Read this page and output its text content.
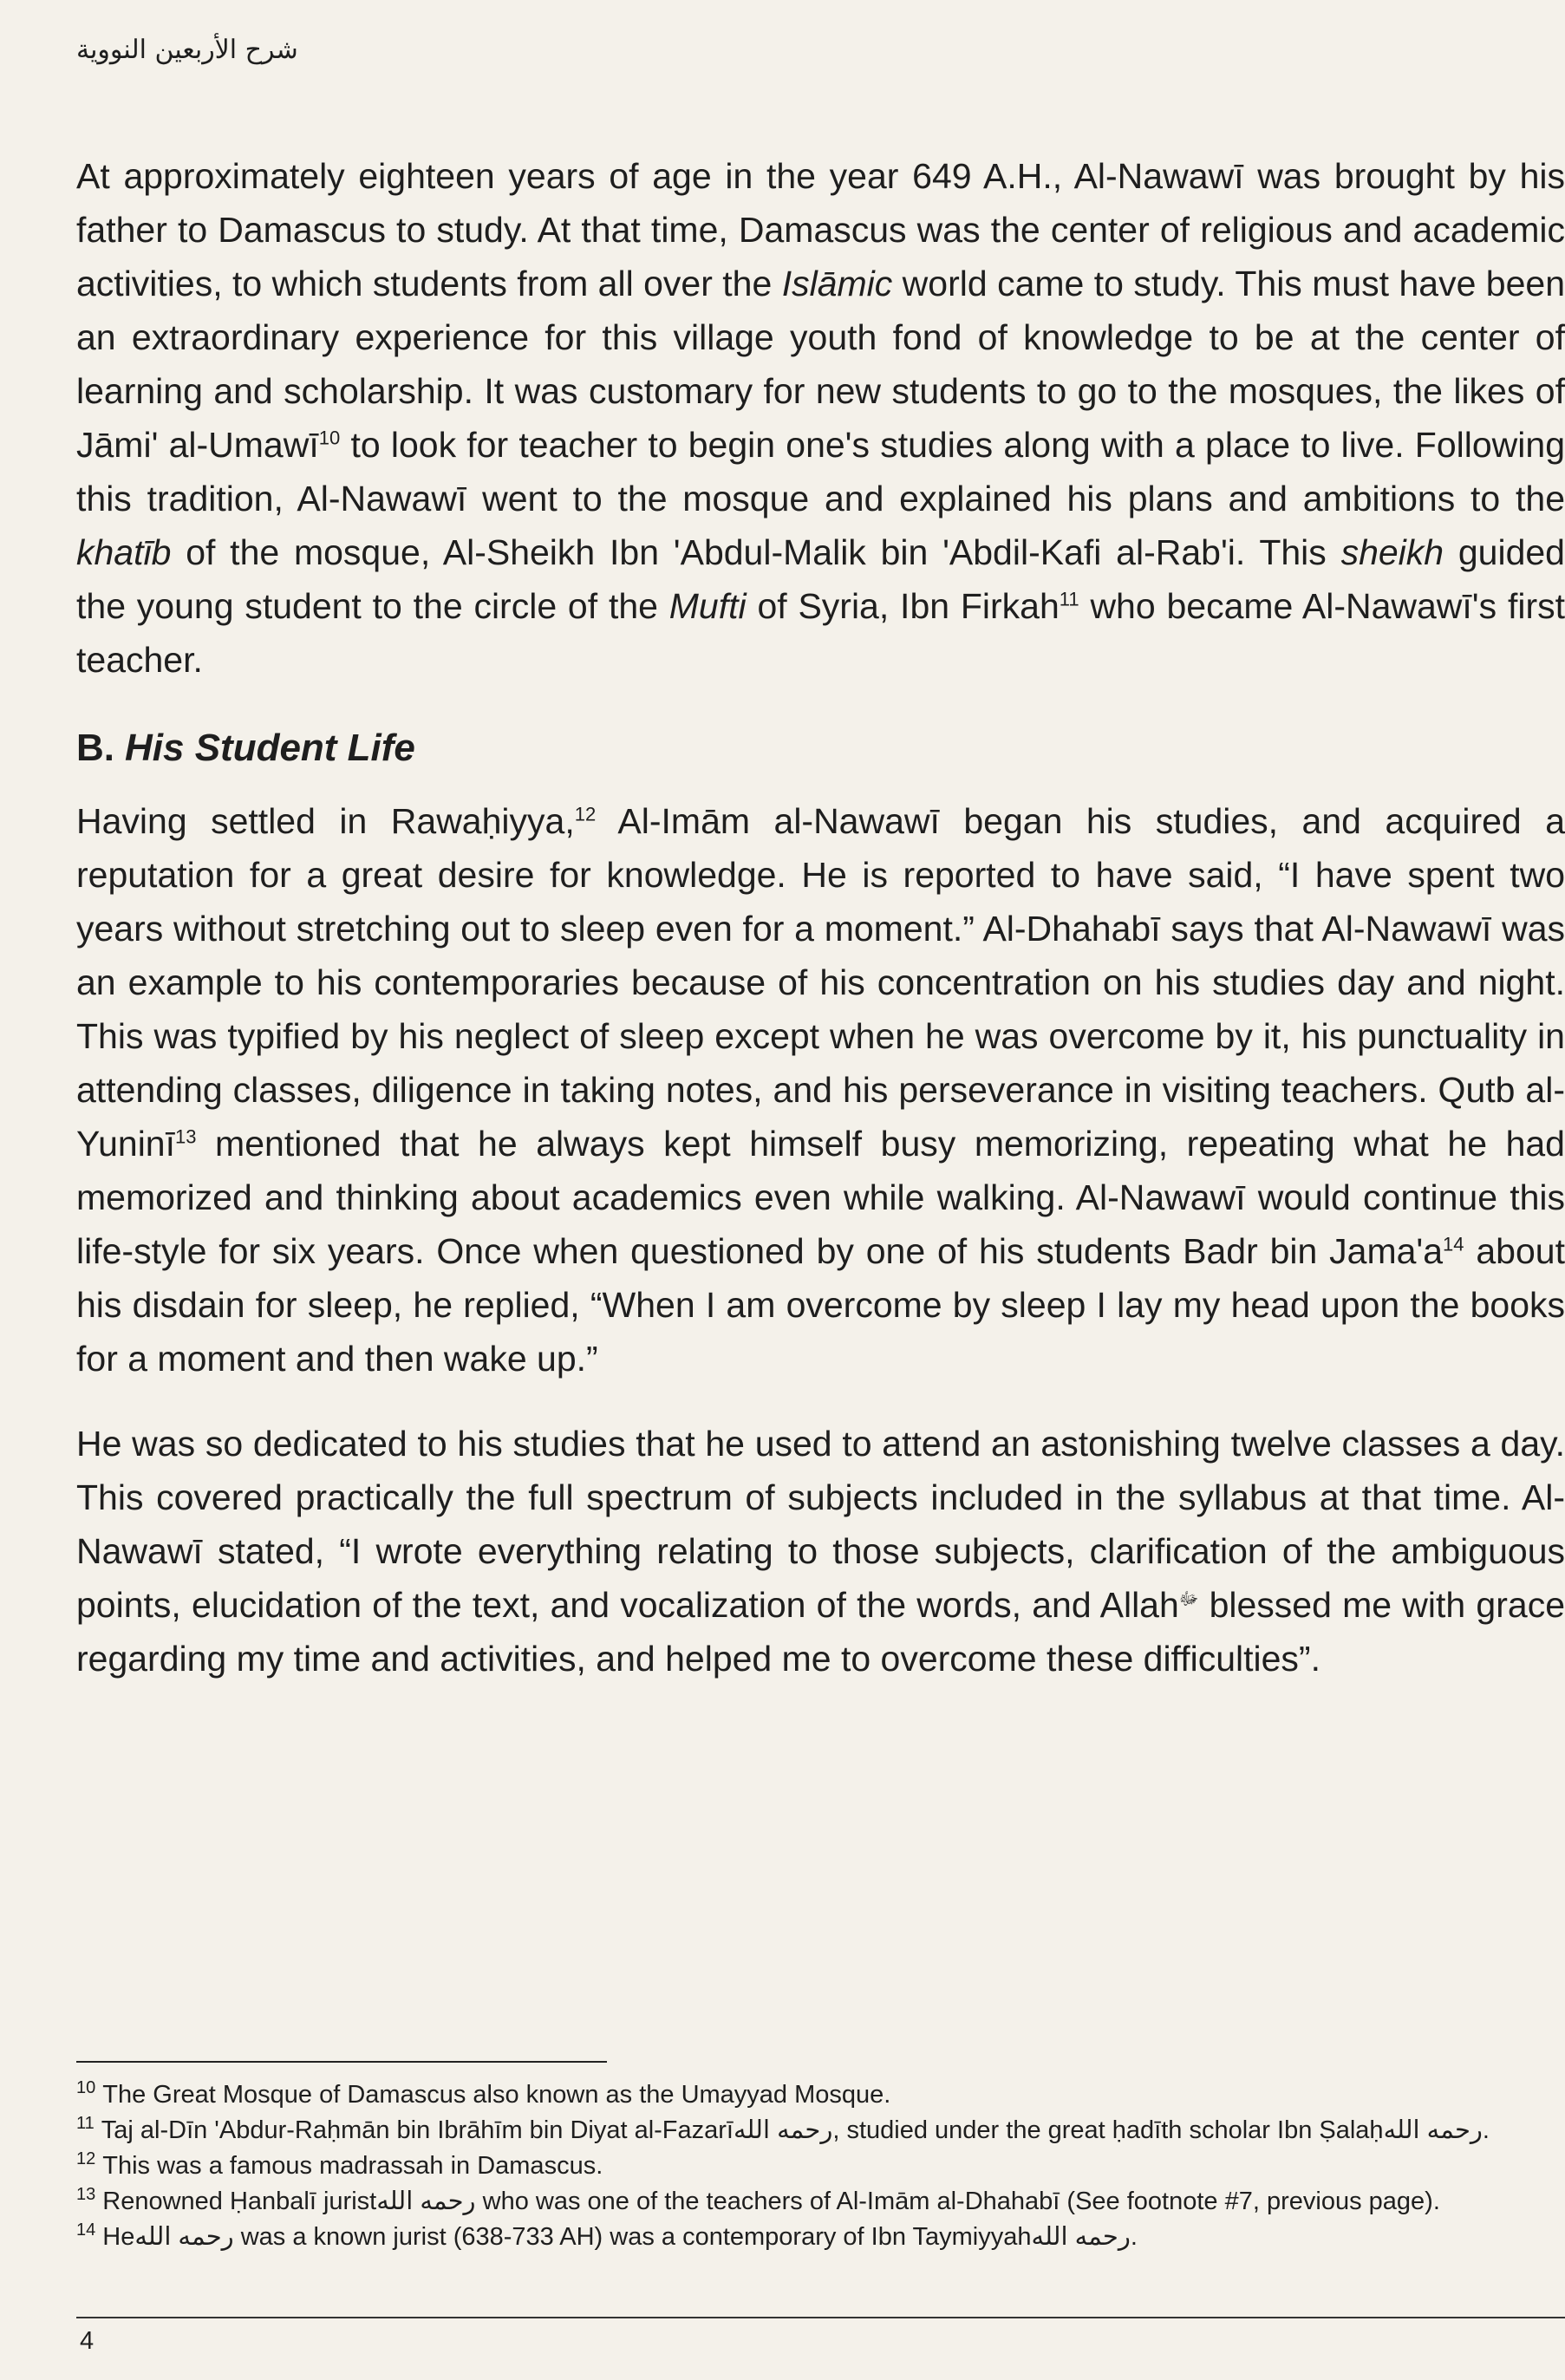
شرح الأربعين النووية

At approximately eighteen years of age in the year 649 A.H., Al-Nawawī was brought by his father to Damascus to study. At that time, Damascus was the center of religious and academic activities, to which students from all over the Islāmic world came to study. This must have been an extraordinary experience for this village youth fond of knowledge to be at the center of learning and scholarship. It was customary for new students to go to the mosques, the likes of Jāmi' al-Umawī$^{10}$ to look for teacher to begin one's studies along with a place to live. Following this tradition, Al-Nawawī went to the mosque and explained his plans and ambitions to the khatīb of the mosque, Al-Sheikh Ibn 'Abdul-Malik bin 'Abdil-Kafi al-Rab'i. This sheikh guided the young student to the circle of the Mufti of Syria, Ibn Firkah$^{11}$ who became Al-Nawawī's first teacher.

B. His Student Life

Having settled in Rawaḥiyya,$^{12}$ Al-Imām al-Nawawī began his studies, and acquired a reputation for a great desire for knowledge. He is reported to have said, “I have spent two years without stretching out to sleep even for a moment.” Al-Dhahabī says that Al-Nawawī was an example to his contemporaries because of his concentration on his studies day and night. This was typified by his neglect of sleep except when he was overcome by it, his punctuality in attending classes, diligence in taking notes, and his perseverance in visiting teachers. Qutb al-Yuninī$^{13}$ mentioned that he always kept himself busy memorizing, repeating what he had memorized and thinking about academics even while walking. Al-Nawawī would continue this life-style for six years. Once when questioned by one of his students Badr bin Jama'a$^{14}$ about his disdain for sleep, he replied, “When I am overcome by sleep I lay my head upon the books for a moment and then wake up.”

He was so dedicated to his studies that he used to attend an astonishing twelve classes a day. This covered practically the full spectrum of subjects included in the syllabus at that time. Al-Nawawī stated, “I wrote everything relating to those subjects, clarification of the ambiguous points, elucidation of the text, and vocalization of the words, and Allah$^ﷻ$ blessed me with grace regarding my time and activities, and helped me to overcome these difficulties”.

$^{10}$ The Great Mosque of Damascus also known as the Umayyad Mosque.
$^{11}$ Taj al-Dīn 'Abdur-Raḥmān bin Ibrāhīm bin Diyat al-Fazarīرحمه الله, studied under the great ḥadīth scholar Ibn Ṣalaḥرحمه الله.
$^{12}$ This was a famous madrassah in Damascus.
$^{13}$ Renowned Ḥanbalī juristرحمه الله who was one of the teachers of Al-Imām al-Dhahabī (See footnote #7, previous page).
$^{14}$ Heرحمه الله was a known jurist (638-733 AH) was a contemporary of Ibn Taymiyyahرحمه الله.
4
